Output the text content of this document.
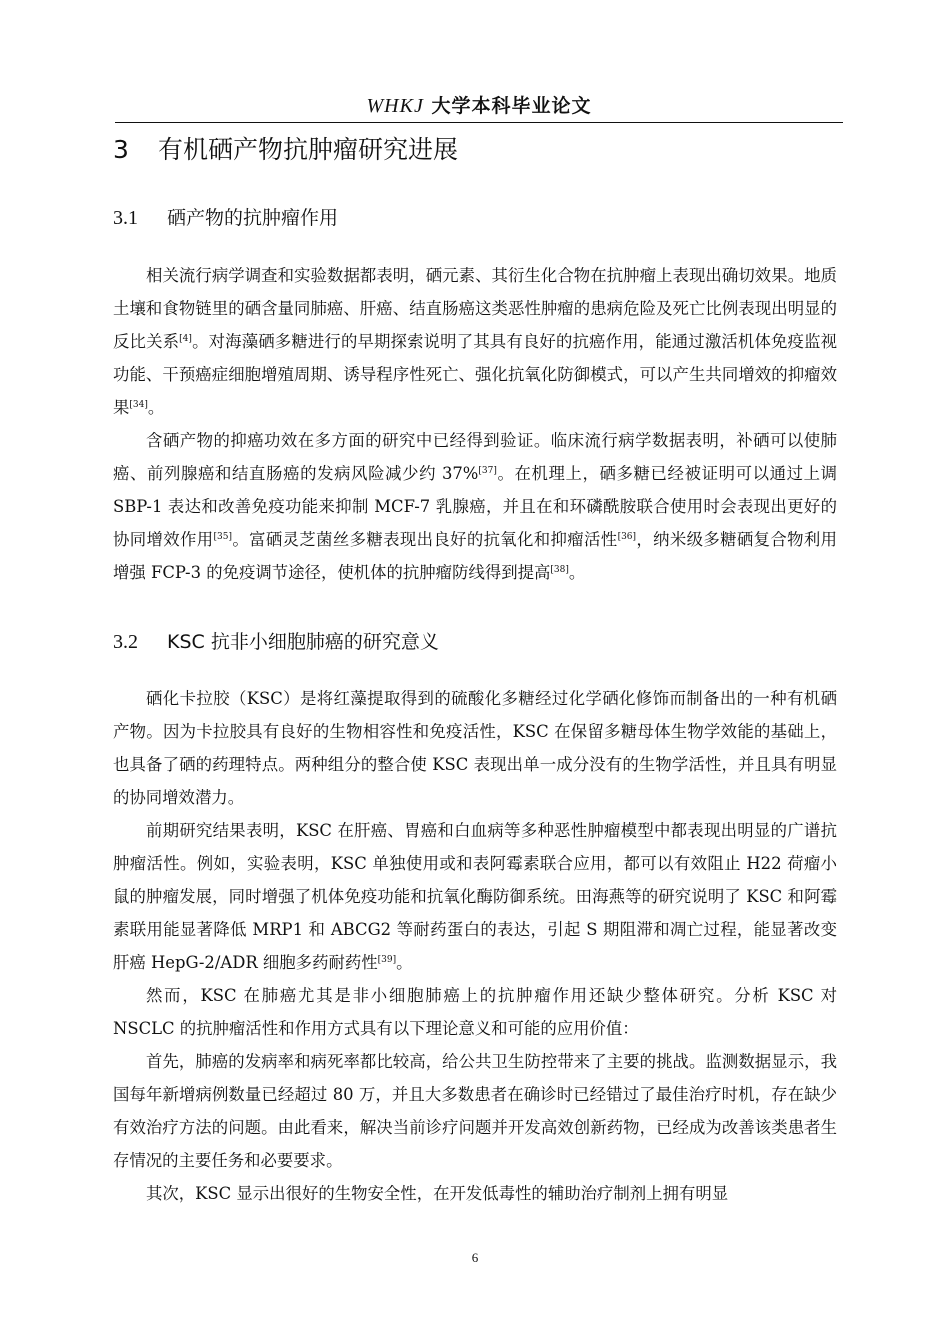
WHKJ 大学本科毕业论文
3 有机硒产物抗肿瘤研究进展
3.1 硒产物的抗肿瘤作用

相关流行病学调查和实验数据都表明，硒元素、其衍生化合物在抗肿瘤上表现出确切效果。地质土壤和食物链里的硒含量同肺癌、肝癌、结直肠癌这类恶性肿瘤的患病危险及死亡比例表现出明显的反比关系[4]。对海藻硒多糖进行的早期探索说明了其具有良好的抗癌作用，能通过激活机体免疫监视功能、干预癌症细胞增殖周期、诱导程序性死亡、强化抗氧化防御模式，可以产生共同增效的抑瘤效果[34]。

含硒产物的抑癌功效在多方面的研究中已经得到验证。临床流行病学数据表明，补硒可以使肺癌、前列腺癌和结直肠癌的发病风险减少约 37%[37]。在机理上，硒多糖已经被证明可以通过上调 SBP-1 表达和改善免疫功能来抑制 MCF-7 乳腺癌，并且在和环磷酰胺联合使用时会表现出更好的协同增效作用[35]。富硒灵芝菌丝多糖表现出良好的抗氧化和抑瘤活性[36]，纳米级多糖硒复合物利用增强 FCP-3 的免疫调节途径，使机体的抗肿瘤防线得到提高[38]。

3.2 KSC 抗非小细胞肺癌的研究意义

硒化卡拉胶（KSC）是将红藻提取得到的硫酸化多糖经过化学硒化修饰而制备出的一种有机硒产物。因为卡拉胶具有良好的生物相容性和免疫活性，KSC 在保留多糖母体生物学效能的基础上，也具备了硒的药理特点。两种组分的整合使 KSC 表现出单一成分没有的生物学活性，并且具有明显的协同增效潜力。

前期研究结果表明，KSC 在肝癌、胃癌和白血病等多种恶性肿瘤模型中都表现出明显的广谱抗肿瘤活性。例如，实验表明，KSC 单独使用或和表阿霉素联合应用，都可以有效阻止 H22 荷瘤小鼠的肿瘤发展，同时增强了机体免疫功能和抗氧化酶防御系统。田海燕等的研究说明了 KSC 和阿霉素联用能显著降低 MRP1 和 ABCG2 等耐药蛋白的表达，引起 S 期阻滞和凋亡过程，能显著改变肝癌 HepG-2/ADR 细胞多药耐药性[39]。

然而，KSC 在肺癌尤其是非小细胞肺癌上的抗肿瘤作用还缺少整体研究。分析 KSC 对 NSCLC 的抗肿瘤活性和作用方式具有以下理论意义和可能的应用价值：

首先，肺癌的发病率和病死率都比较高，给公共卫生防控带来了主要的挑战。监测数据显示，我国每年新增病例数量已经超过 80 万，并且大多数患者在确诊时已经错过了最佳治疗时机，存在缺少有效治疗方法的问题。由此看来，解决当前诊疗问题并开发高效创新药物，已经成为改善该类患者生存情况的主要任务和必要要求。

其次，KSC 显示出很好的生物安全性，在开发低毒性的辅助治疗制剂上拥有明显

6
